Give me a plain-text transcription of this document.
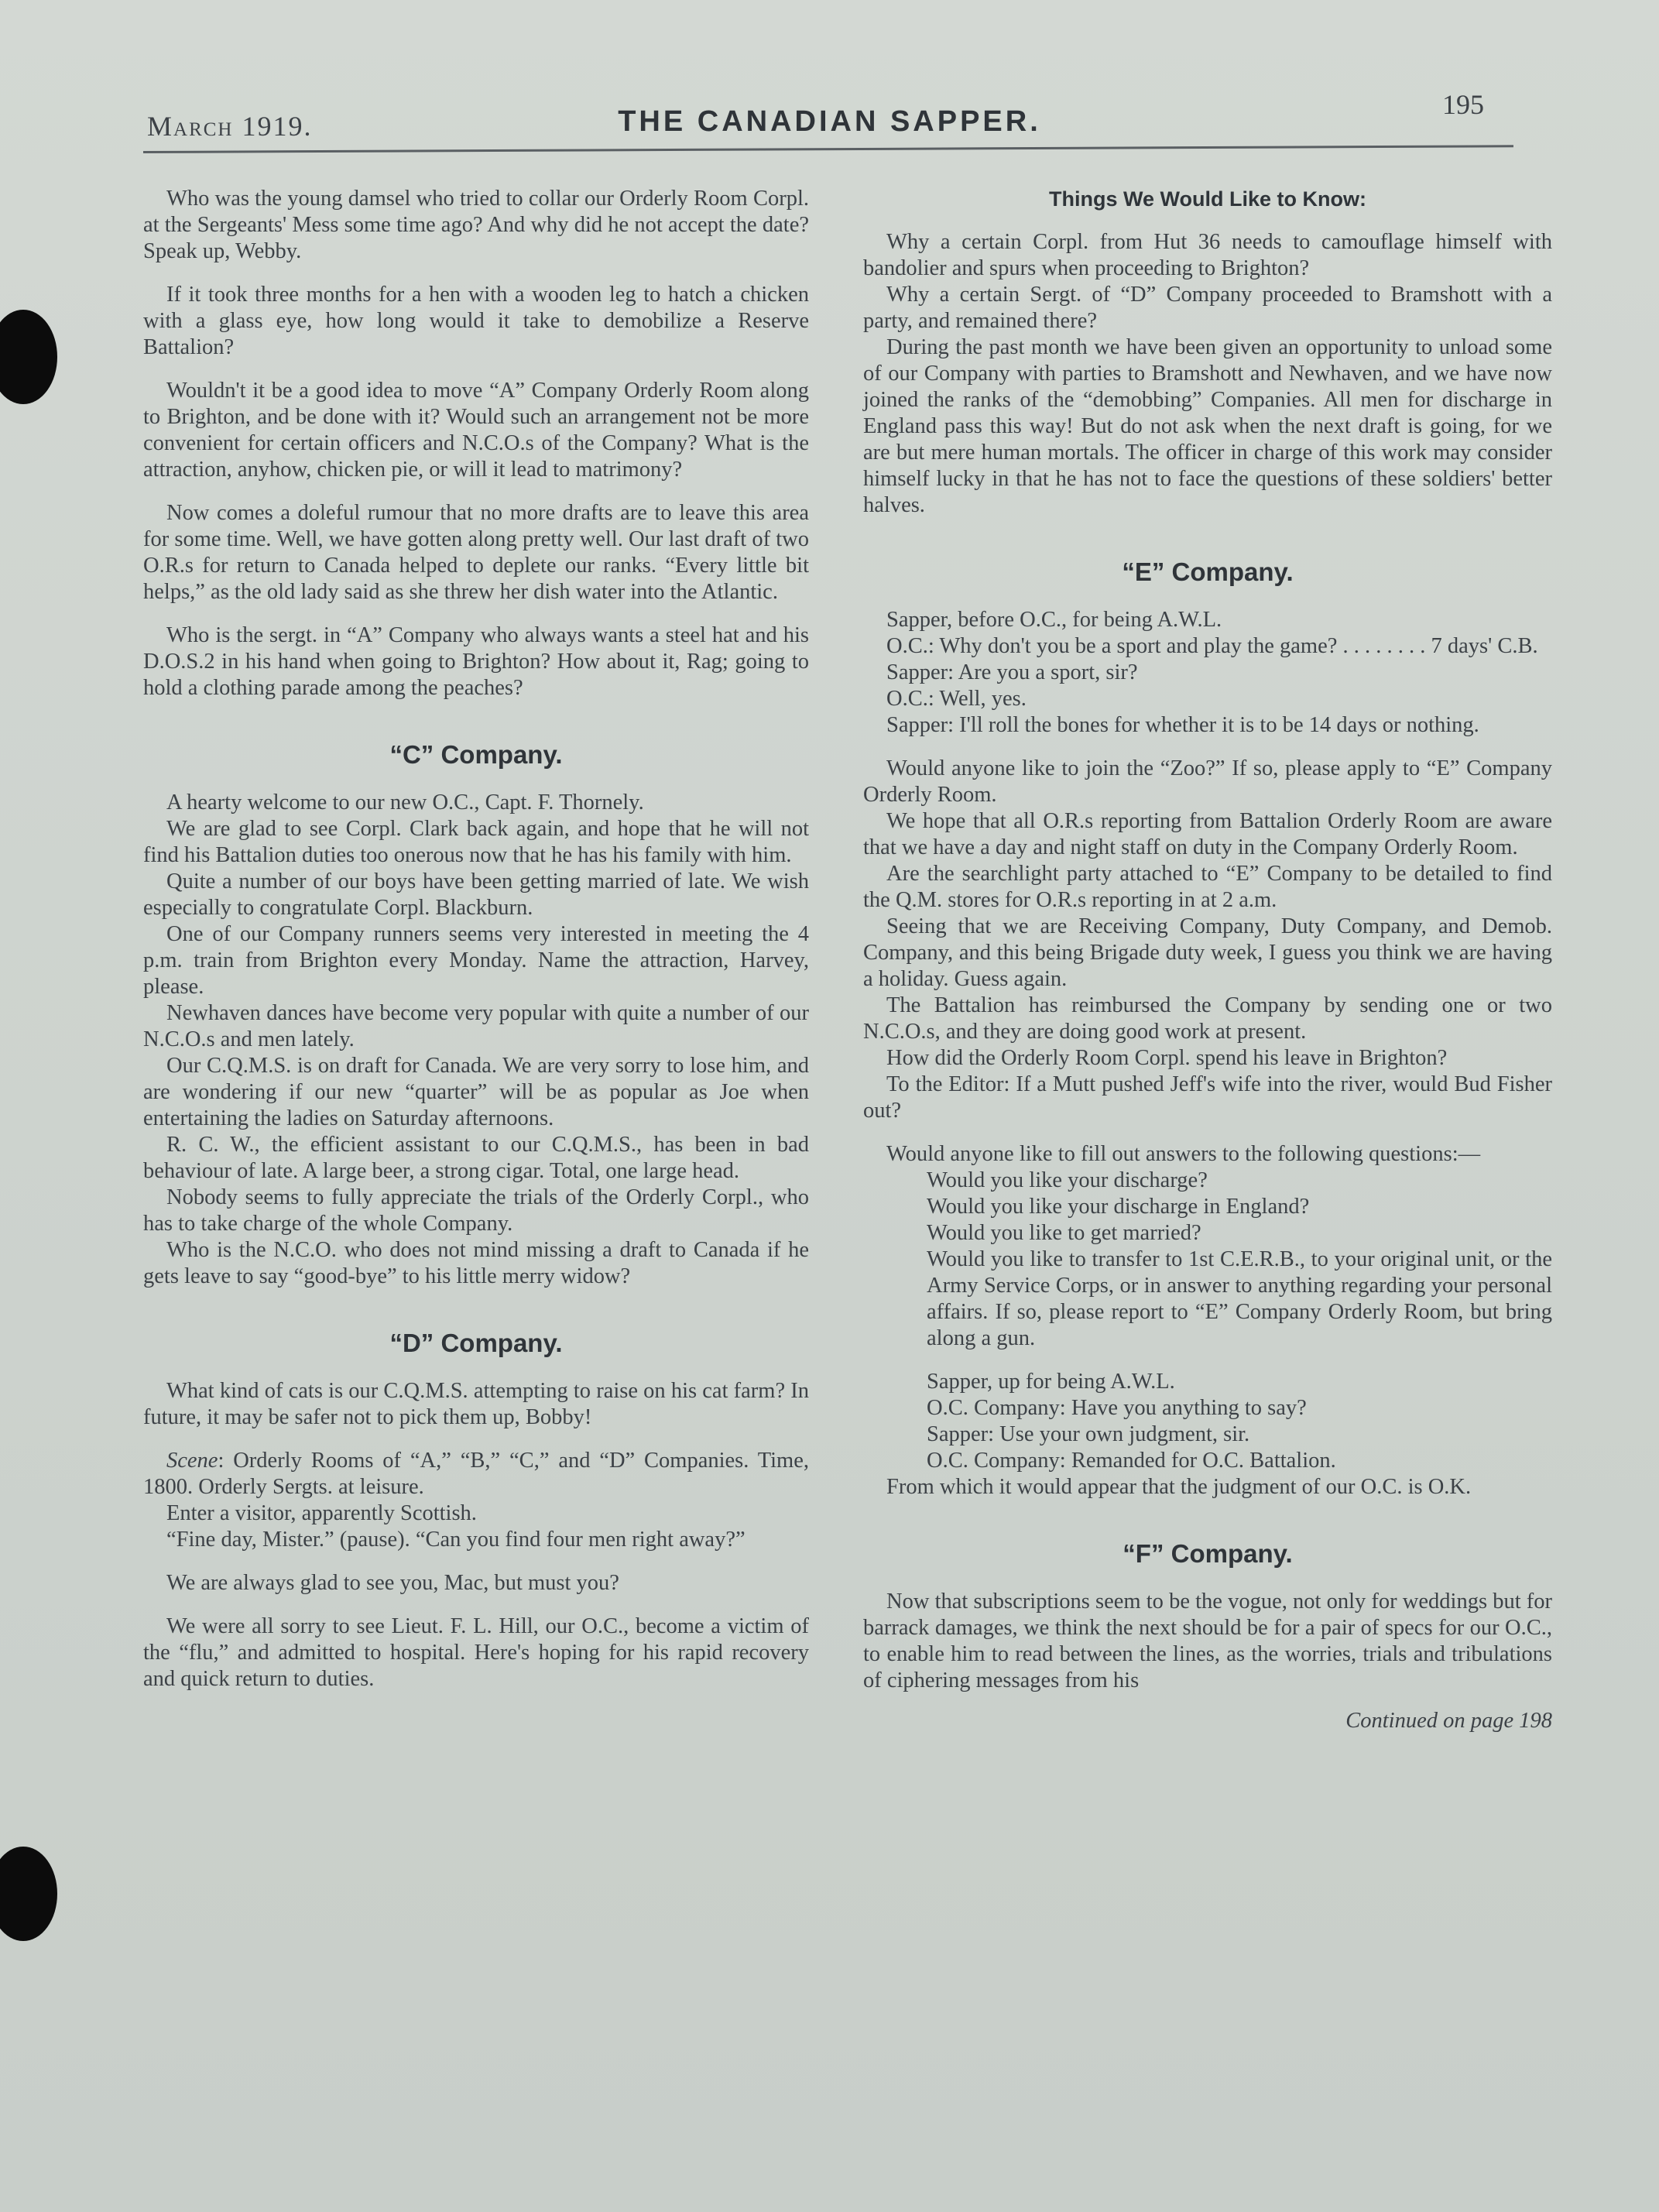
March 1919.	THE CANADIAN SAPPER.
195

Who was the young damsel who tried to collar our Orderly Room Corpl. at the Sergeants' Mess some time ago? And why did he not accept the date? Speak up, Webby.

If it took three months for a hen with a wooden leg to hatch a chicken with a glass eye, how long would it take to demobilize a Reserve Battalion?

Wouldn't it be a good idea to move “A” Company Orderly Room along to Brighton, and be done with it? Would such an arrangement not be more convenient for certain officers and N.C.O.s of the Company? What is the attraction, anyhow, chicken pie, or will it lead to matrimony?

Now comes a doleful rumour that no more drafts are to leave this area for some time. Well, we have gotten along pretty well. Our last draft of two O.R.s for return to Canada helped to deplete our ranks. “Every little bit helps,” as the old lady said as she threw her dish water into the Atlantic.

Who is the sergt. in “A” Company who always wants a steel hat and his D.O.S.2 in his hand when going to Brighton? How about it, Rag; going to hold a clothing parade among the peaches?

“C” Company.

A hearty welcome to our new O.C., Capt. F. Thornely.

We are glad to see Corpl. Clark back again, and hope that he will not find his Battalion duties too onerous now that he has his family with him.

Quite a number of our boys have been getting married of late. We wish especially to congratulate Corpl. Blackburn.

One of our Company runners seems very interested in meeting the 4 p.m. train from Brighton every Monday. Name the attraction, Harvey, please.

Newhaven dances have become very popular with quite a number of our N.C.O.s and men lately.

Our C.Q.M.S. is on draft for Canada. We are very sorry to lose him, and are wondering if our new “quarter” will be as popular as Joe when entertaining the ladies on Saturday afternoons.

R. C. W., the efficient assistant to our C.Q.M.S., has been in bad behaviour of late. A large beer, a strong cigar. Total, one large head.

Nobody seems to fully appreciate the trials of the Orderly Corpl., who has to take charge of the whole Company.

Who is the N.C.O. who does not mind missing a draft to Canada if he gets leave to say “good-bye” to his little merry widow?

“D” Company.

What kind of cats is our C.Q.M.S. attempting to raise on his cat farm? In future, it may be safer not to pick them up, Bobby!

Scene: Orderly Rooms of “A,” “B,” “C,” and “D” Companies. Time, 1800. Orderly Sergts. at leisure.

Enter a visitor, apparently Scottish.

“Fine day, Mister.” (pause). “Can you find four men right away?”

We are always glad to see you, Mac, but must you?

We were all sorry to see Lieut. F. L. Hill, our O.C., become a victim of the “flu,” and admitted to hospital. Here's hoping for his rapid recovery and quick return to duties.

Things We Would Like to Know:

Why a certain Corpl. from Hut 36 needs to camouflage himself with bandolier and spurs when proceeding to Brighton?

Why a certain Sergt. of “D” Company proceeded to Bramshott with a party, and remained there?

During the past month we have been given an opportunity to unload some of our Company with parties to Bramshott and Newhaven, and we have now joined the ranks of the “demobbing” Companies. All men for discharge in England pass this way! But do not ask when the next draft is going, for we are but mere human mortals. The officer in charge of this work may consider himself lucky in that he has not to face the questions of these soldiers' better halves.

“E” Company.

Sapper, before O.C., for being A.W.L.

O.C.: Why don't you be a sport and play the game? . . . . . . . . 7 days' C.B.

Sapper: Are you a sport, sir?

O.C.: Well, yes.

Sapper: I'll roll the bones for whether it is to be 14 days or nothing.

Would anyone like to join the “Zoo?” If so, please apply to “E” Company Orderly Room.

We hope that all O.R.s reporting from Battalion Orderly Room are aware that we have a day and night staff on duty in the Company Orderly Room.

Are the searchlight party attached to “E” Company to be detailed to find the Q.M. stores for O.R.s reporting in at 2 a.m.

Seeing that we are Receiving Company, Duty Company, and Demob. Company, and this being Brigade duty week, I guess you think we are having a holiday. Guess again.

The Battalion has reimbursed the Company by sending one or two N.C.O.s, and they are doing good work at present.

How did the Orderly Room Corpl. spend his leave in Brighton?

To the Editor: If a Mutt pushed Jeff's wife into the river, would Bud Fisher out?

Would anyone like to fill out answers to the following questions:—

Would you like your discharge?

Would you like your discharge in England?

Would you like to get married?

Would you like to transfer to 1st C.E.R.B., to your original unit, or the Army Service Corps, or in answer to anything regarding your personal affairs. If so, please report to “E” Company Orderly Room, but bring along a gun.

Sapper, up for being A.W.L.

O.C. Company: Have you anything to say?

Sapper: Use your own judgment, sir.

O.C. Company: Remanded for O.C. Battalion.

From which it would appear that the judgment of our O.C. is O.K.

“F” Company.

Now that subscriptions seem to be the vogue, not only for weddings but for barrack damages, we think the next should be for a pair of specs for our O.C., to enable him to read between the lines, as the worries, trials and tribulations of ciphering messages from his

Continued on page 198
